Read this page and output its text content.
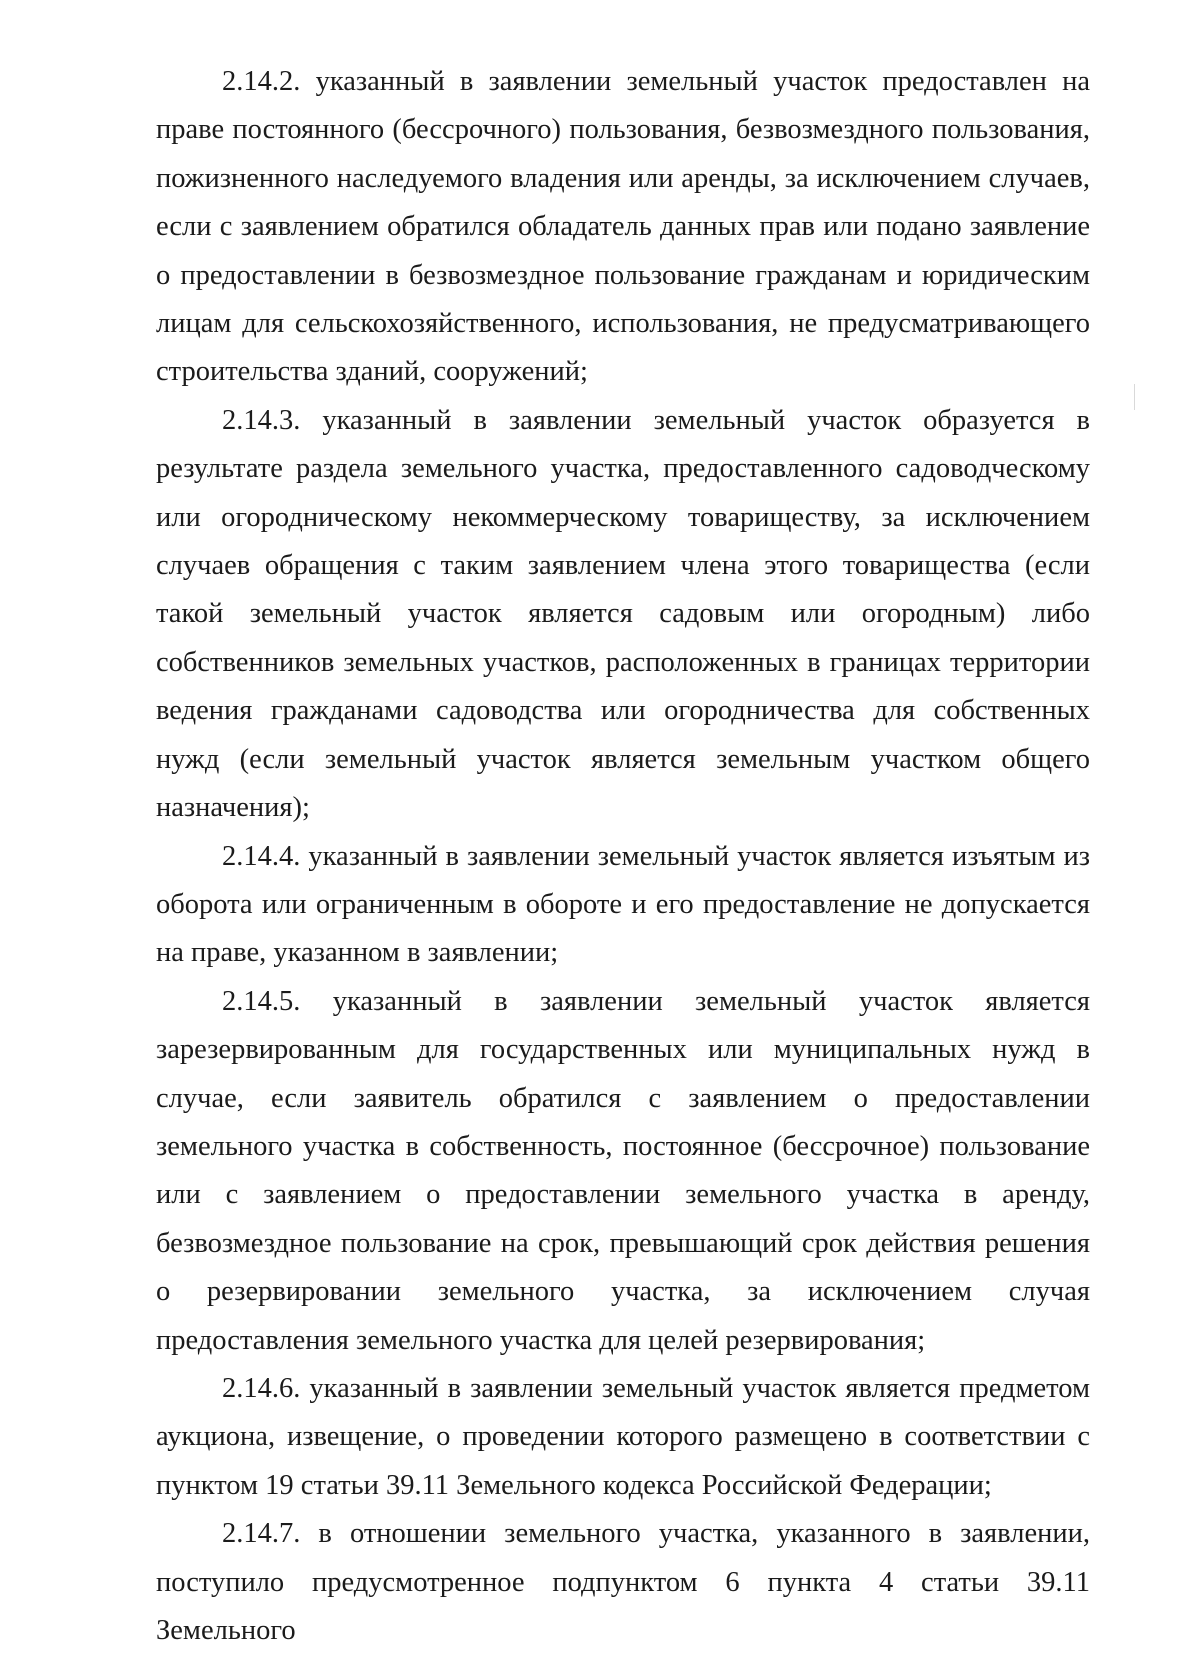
2.14.2. указанный в заявлении земельный участок предоставлен на праве постоянного (бессрочного) пользования, безвозмездного пользования, пожизненного наследуемого владения или аренды, за исключением случаев, если с заявлением обратился обладатель данных прав или подано заявление о предоставлении в безвозмездное пользование гражданам и юридическим лицам для сельскохозяйственного, использования, не предусматривающего строительства зданий, сооружений;

2.14.3. указанный в заявлении земельный участок образуется в результате раздела земельного участка, предоставленного садоводческому или огородническому некоммерческому товариществу, за исключением случаев обращения с таким заявлением члена этого товарищества (если такой земельный участок является садовым или огородным) либо собственников земельных участков, расположенных в границах территории ведения гражданами садоводства или огородничества для собственных нужд (если земельный участок является земельным участком общего назначения);

2.14.4. указанный в заявлении земельный участок является изъятым из оборота или ограниченным в обороте и его предоставление не допускается на праве, указанном в заявлении;

2.14.5. указанный в заявлении земельный участок является зарезервированным для государственных или муниципальных нужд в случае, если заявитель обратился с заявлением о предоставлении земельного участка в собственность, постоянное (бессрочное) пользование или с заявлением о предоставлении земельного участка в аренду, безвозмездное пользование на срок, превышающий срок действия решения о резервировании земельного участка, за исключением случая предоставления земельного участка для целей резервирования;

2.14.6. указанный в заявлении земельный участок является предметом аукциона, извещение, о проведении которого размещено в соответствии с пунктом 19 статьи 39.11 Земельного кодекса Российской Федерации;

2.14.7. в отношении земельного участка, указанного в заявлении, поступило предусмотренное подпунктом 6 пункта 4 статьи 39.11 Земельного
